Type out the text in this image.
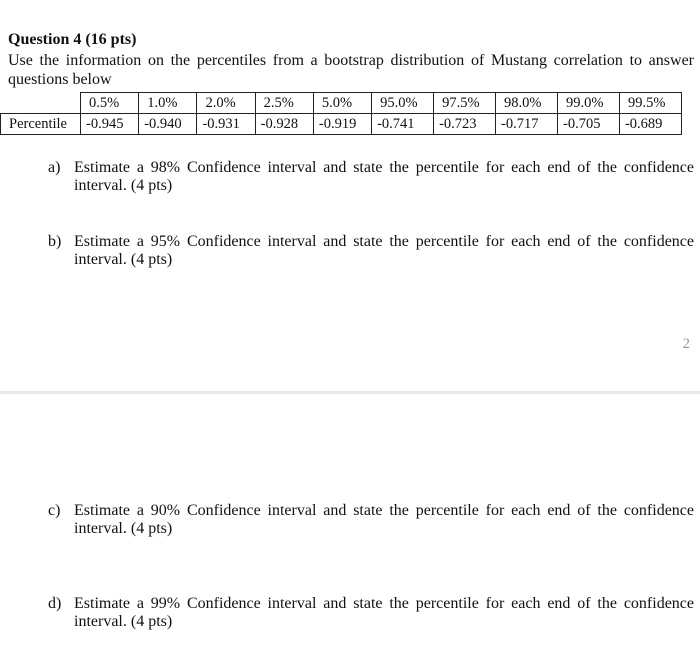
Question 4 (16 pts)
Use the information on the percentiles from a bootstrap distribution of Mustang correlation to answer questions below
	0.5%	1.0%	2.0%	2.5%	5.0%	95.0%	97.5%	98.0%	99.0%	99.5%
Percentile	-0.945	-0.940	-0.931	-0.928	-0.919	-0.741	-0.723	-0.717	-0.705	-0.689
a) Estimate a 98% Confidence interval and state the percentile for each end of the confidence interval. (4 pts)
b) Estimate a 95% Confidence interval and state the percentile for each end of the confidence interval. (4 pts)
2
c) Estimate a 90% Confidence interval and state the percentile for each end of the confidence interval. (4 pts)
d) Estimate a 99% Confidence interval and state the percentile for each end of the confidence interval. (4 pts)
